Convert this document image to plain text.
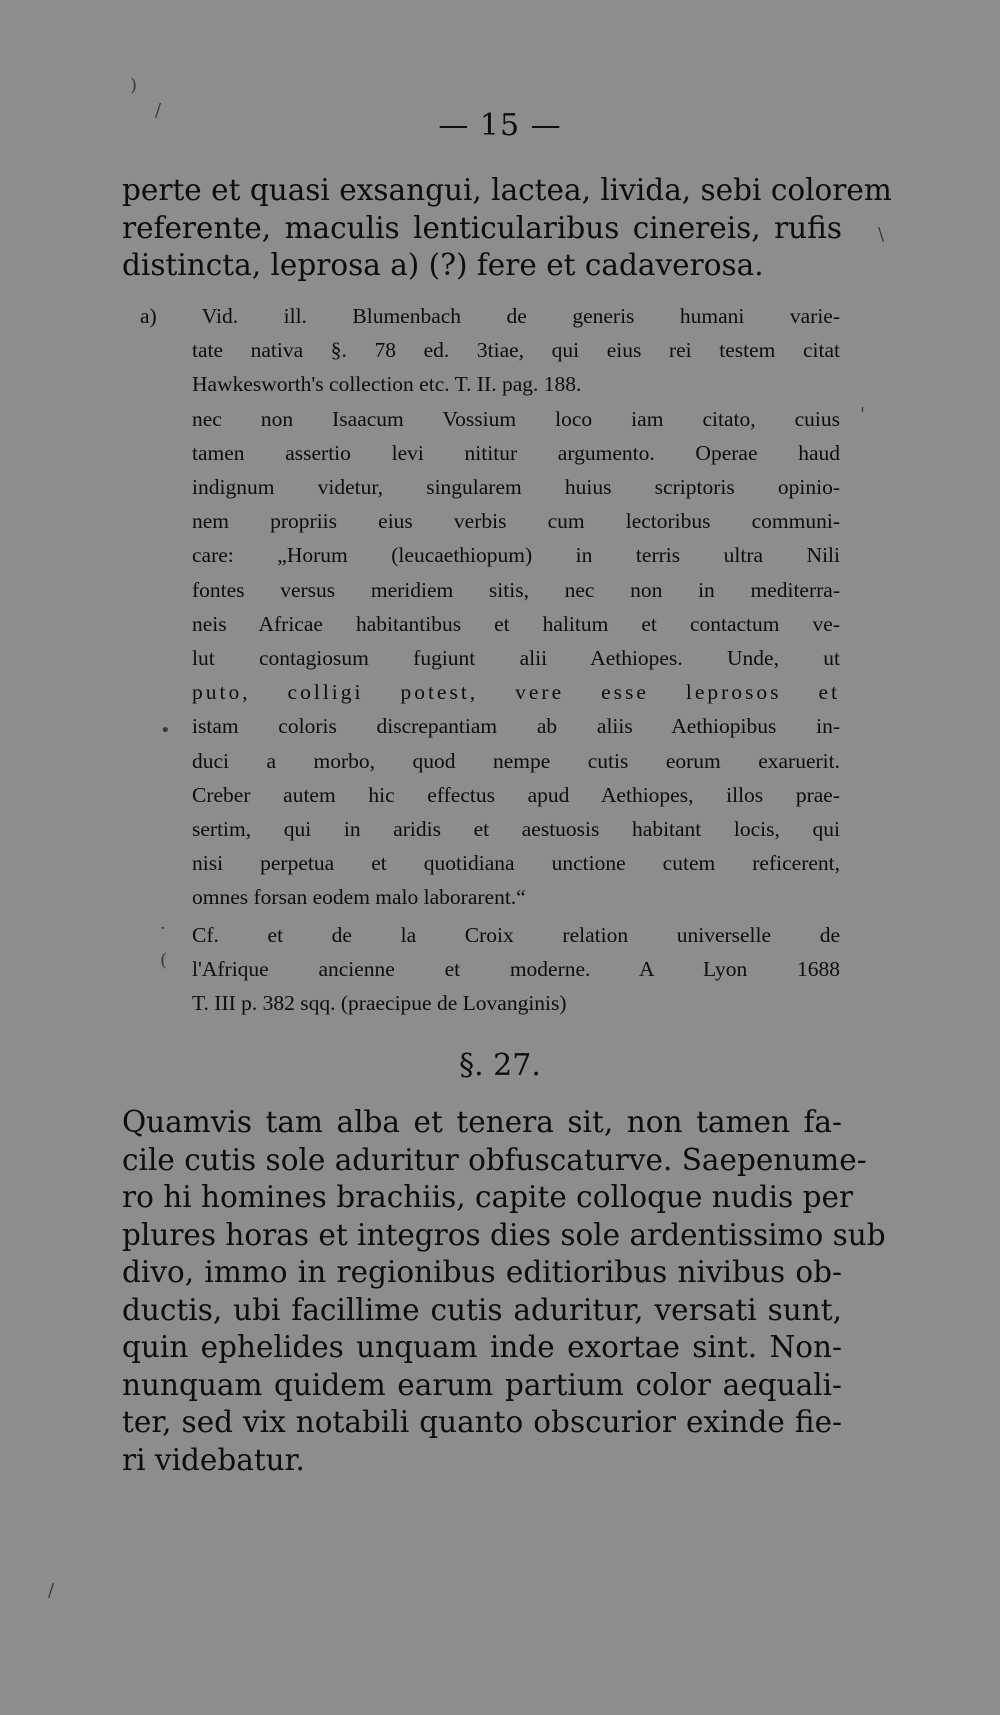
— 15 —
perte et quasi exsangui, lactea, livida, sebi colorem
referente, maculis lenticularibus cinereis, rufis
distincta, leprosa a) (?) fere et cadaverosa.
a) Vid. ill. Blumenbach de generis humani varie-
tate nativa §. 78 ed. 3tiae, qui eius rei testem citat
Hawkesworth's collection etc. T. II. pag. 188.
nec non Isaacum Vossium loco iam citato, cuius
tamen assertio levi nititur argumento. Operae haud
indignum videtur, singularem huius scriptoris opinio-
nem propriis eius verbis cum lectoribus communi-
care: „Horum (leucaethiopum) in terris ultra Nili
fontes versus meridiem sitis, nec non in mediterra-
neis Africae habitantibus et halitum et contactum ve-
lut contagiosum fugiunt alii Aethiopes. Unde, ut
puto, colligi potest, vere esse leprosos et
istam coloris discrepantiam ab aliis Aethiopibus in-
duci a morbo, quod nempe cutis eorum exaruerit.
Creber autem hic effectus apud Aethiopes, illos prae-
sertim, qui in aridis et aestuosis habitant locis, qui
nisi perpetua et quotidiana unctione cutem reficerent,
omnes forsan eodem malo laborarent.“
Cf. et de la Croix relation universelle de
l'Afrique ancienne et moderne. A Lyon 1688
T. III p. 382 sqq. (praecipue de Lovanginis)
§. 27.
Quamvis tam alba et tenera sit, non tamen fa-
cile cutis sole aduritur obfuscaturve. Saepenume-
ro hi homines brachiis, capite colloque nudis per
plures horas et integros dies sole ardentissimo sub
divo, immo in regionibus editioribus nivibus ob-
ductis, ubi facillime cutis aduritur, versati sunt,
quin ephelides unquam inde exortae sint. Non-
nunquam quidem earum partium color aequali-
ter, sed vix notabili quanto obscurior exinde fie-
ri videbatur.
)
/
\
'
•
·
(
/
